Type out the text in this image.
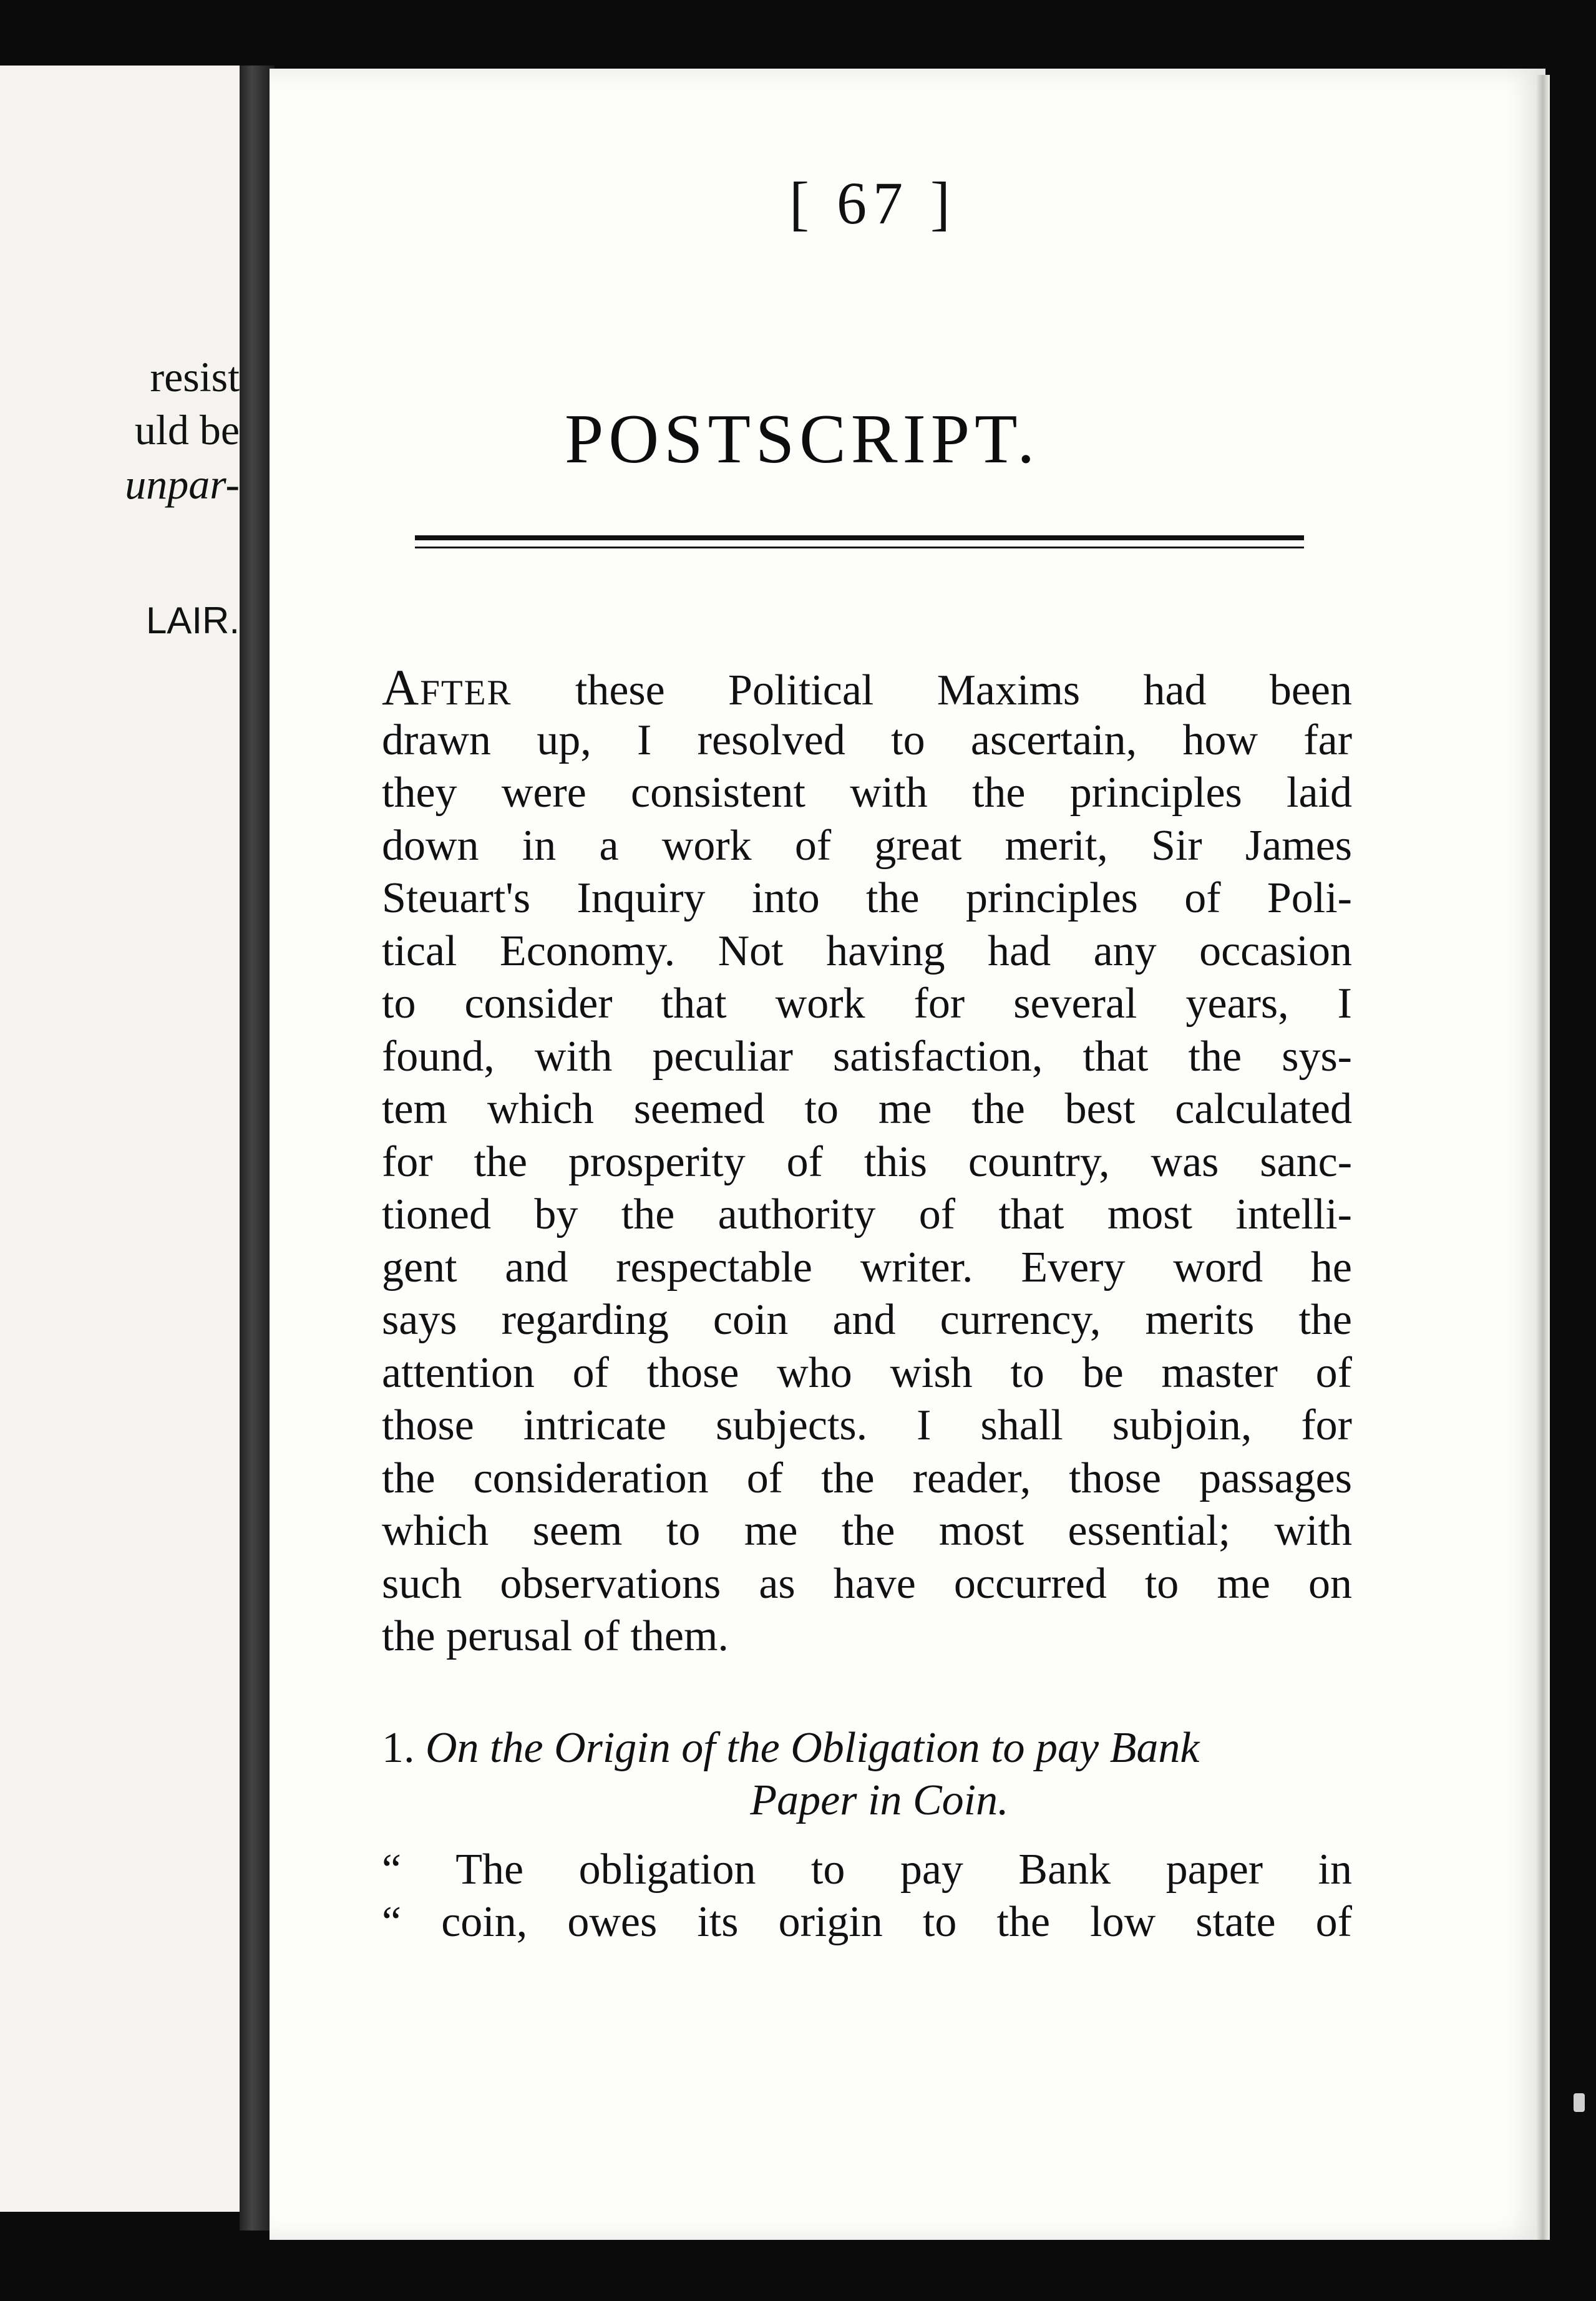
resist
uld be
unpar-
LAIR.
[ 67 ]
POSTSCRIPT.
After these Political Maxims had been
drawn up, I resolved to ascertain, how far
they were consistent with the principles laid
down in a work of great merit, Sir James
Steuart's Inquiry into the principles of Poli-
tical Economy. Not having had any occasion
to consider that work for several years, I
found, with peculiar satisfaction, that the sys-
tem which seemed to me the best calculated
for the prosperity of this country, was sanc-
tioned by the authority of that most intelli-
gent and respectable writer. Every word he
says regarding coin and currency, merits the
attention of those who wish to be master of
those intricate subjects. I shall subjoin, for
the consideration of the reader, those passages
which seem to me the most essential; with
such observations as have occurred to me on
the perusal of them.
1. On the Origin of the Obligation to pay Bank
Paper in Coin.
“ The obligation to pay Bank paper in
“ coin, owes its origin to the low state of
